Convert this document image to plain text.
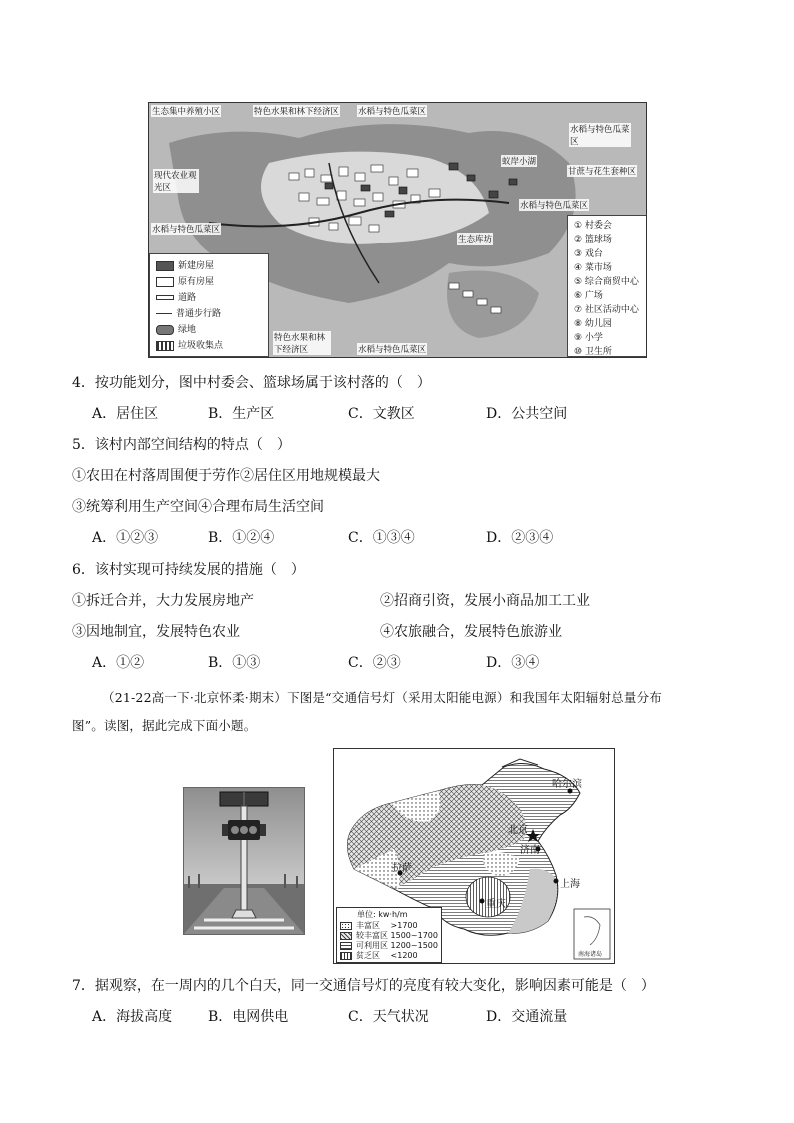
生态集中养殖小区	特色水果和林下经济区 水稻与特色瓜菜区
水稻与特色瓜菜区
甘蔗与花生套种区
现代农业观光区
蚁岸小湖
水稻与特色瓜菜区
水稻与特色瓜菜区
生态库坊
特色水果和林下经济区	水稻与特色瓜菜区
新建房屋
原有房屋
道路
普通步行路
绿地
垃圾收集点
① 村委会
② 篮球场
③ 戏台
④ 菜市场
⑤ 综合商贸中心
⑥ 广场
⑦ 社区活动中心
⑧ 幼儿园
⑨ 小学
⑩ 卫生所
4．按功能划分，图中村委会、篮球场属于该村落的（　）
A．居住区	B．生产区	C．文教区	D．公共空间
5．该村内部空间结构的特点（　）
①农田在村落周围便于劳作②居住区用地规模最大
③统筹利用生产空间④合理布局生活空间
A．①②③	B．①②④	C．①③④	D．②③④
6．该村实现可持续发展的措施（　）
①拆迁合并，大力发展房地产	②招商引资，发展小商品加工工业
③因地制宜，发展特色农业	④农旅融合，发展特色旅游业
A．①②	B．①③	C．②③	D．③④
（21-22高一下·北京怀柔·期末）下图是“交通信号灯（采用太阳能电源）和我国年太阳辐射总量分布
图”。读图，据此完成下面小题。
哈尔滨
北京
济南
拉萨
上海
重庆
南海诸岛
单位: kw·h/m
丰富区　 >1700
较丰富区 1500~1700
可利用区 1200~1500
贫乏区　 <1200
7．据观察，在一周内的几个白天，同一交通信号灯的亮度有较大变化，影响因素可能是（　）
A．海拔高度	B．电网供电	C．天气状况	D．交通流量
